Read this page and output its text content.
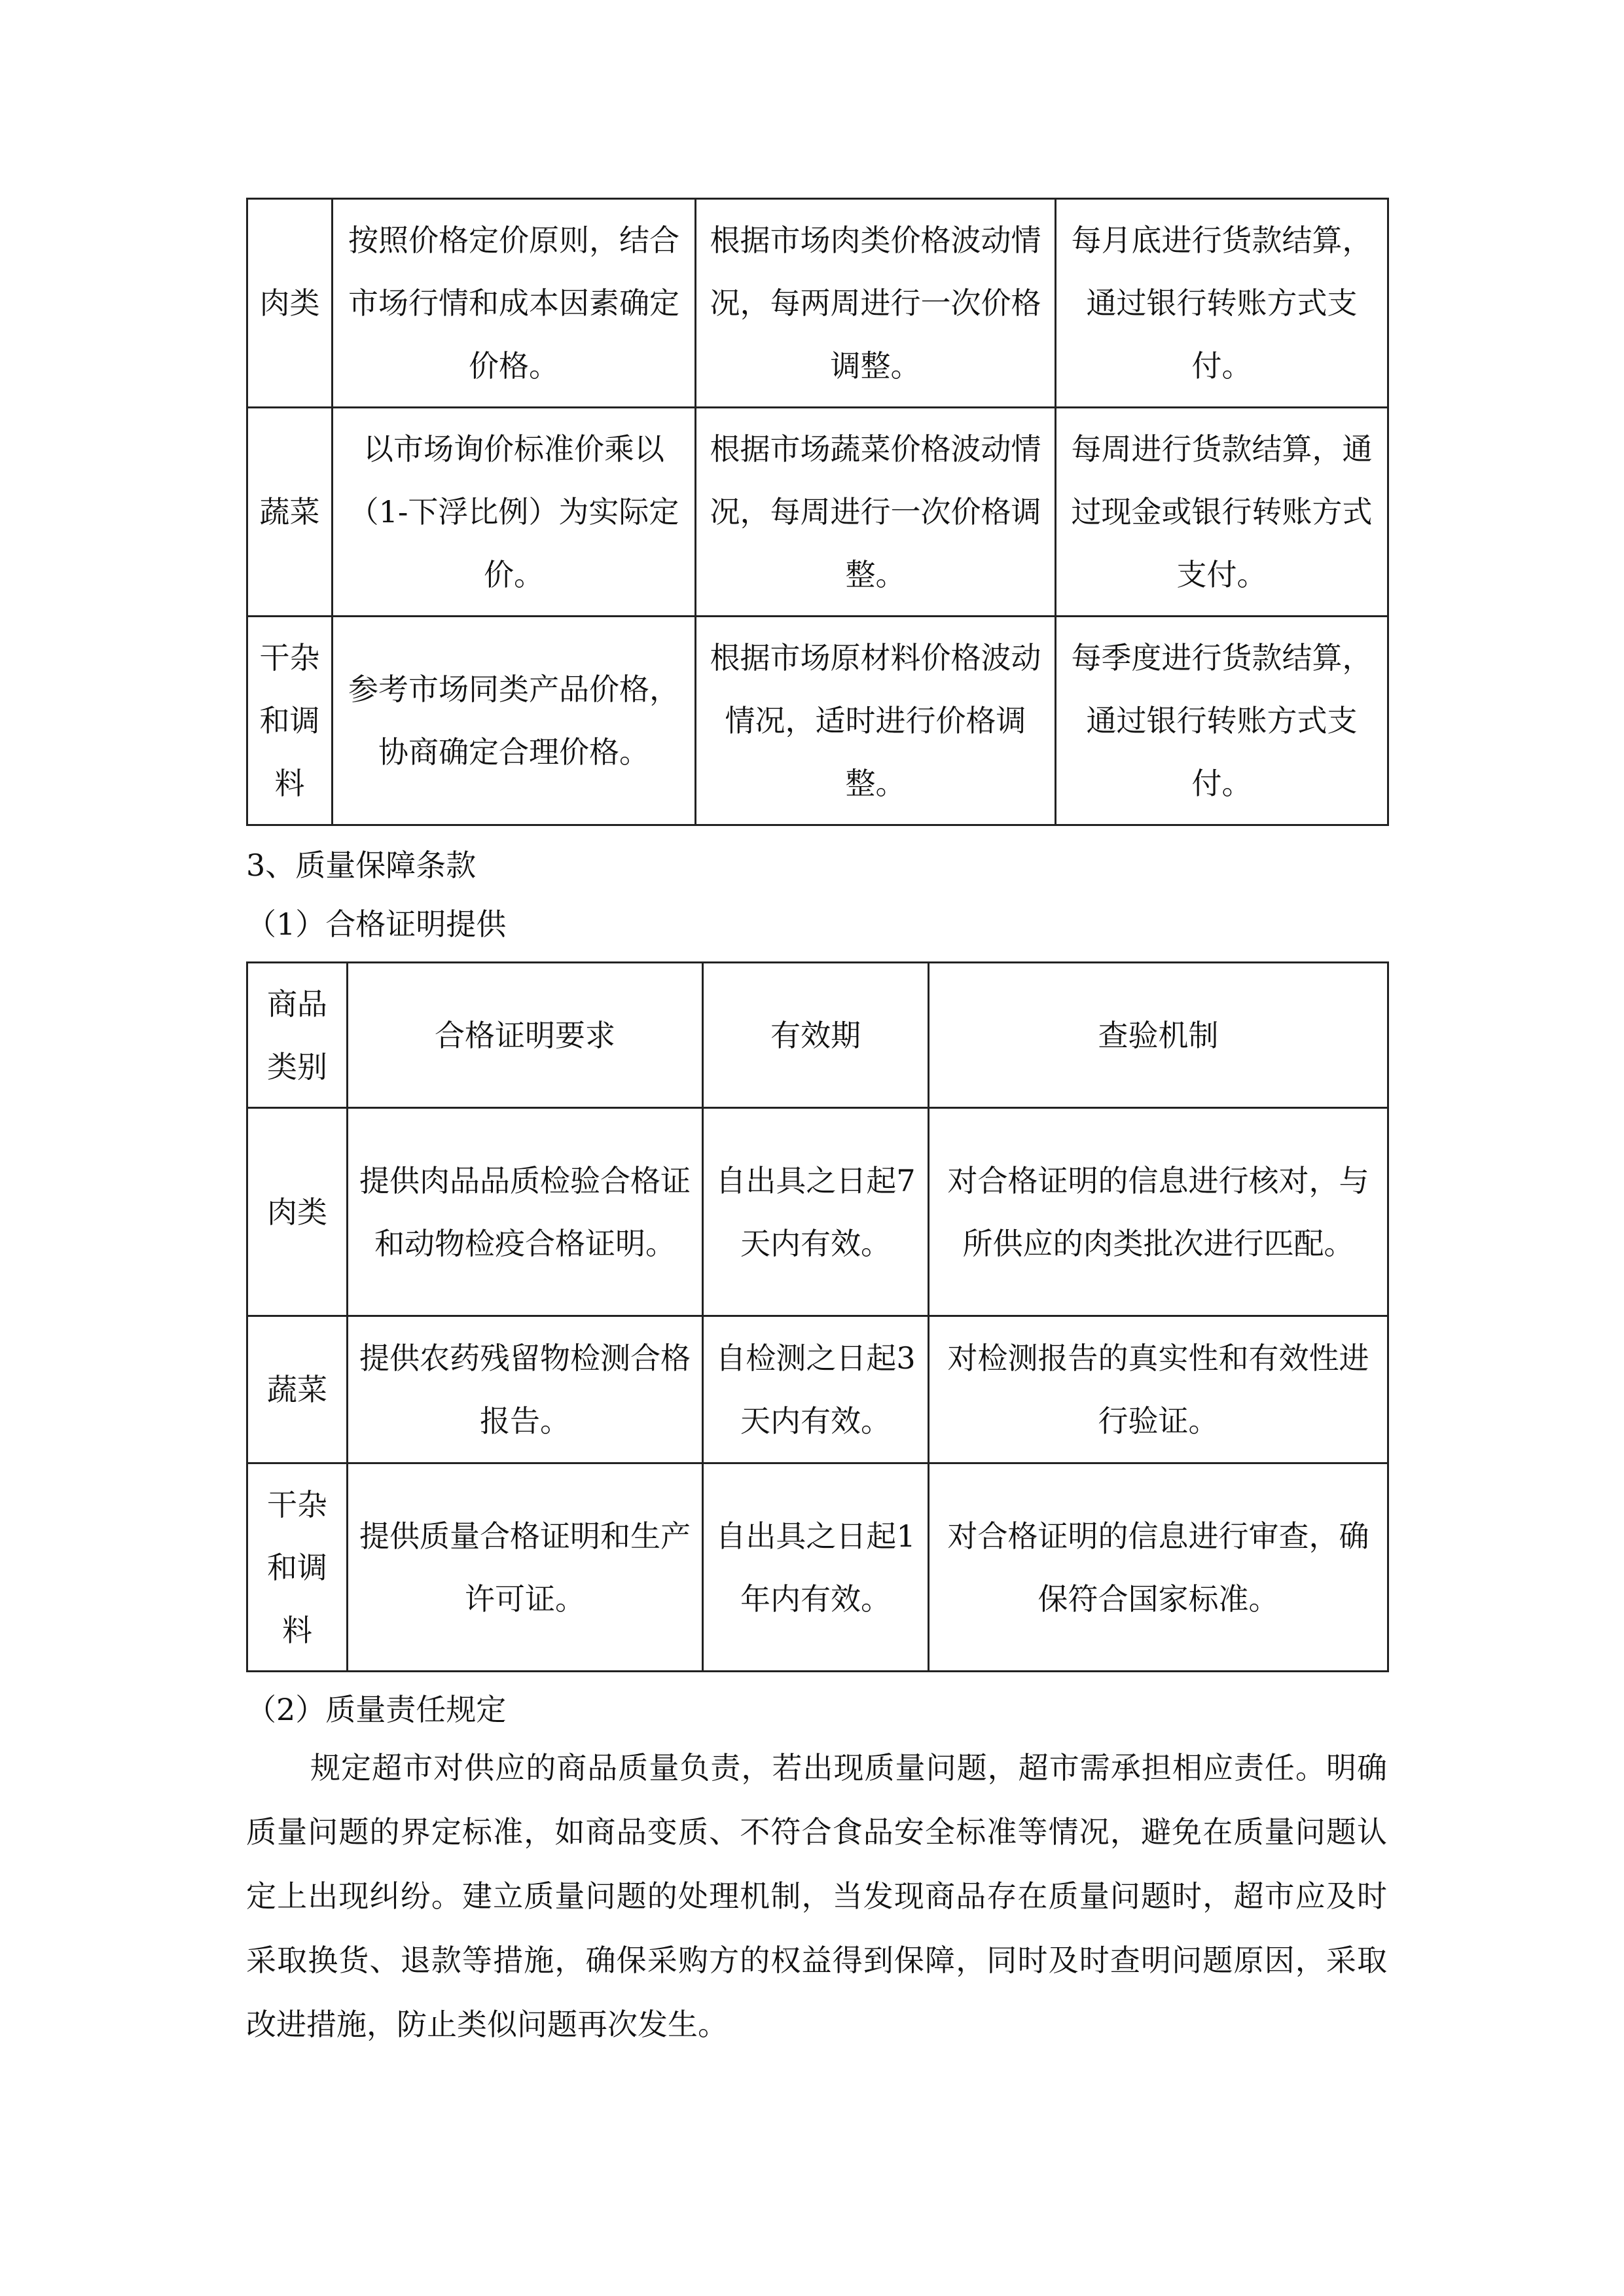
肉类	按照价格定价原则，结合市场行情和成本因素确定价格。	根据市场肉类价格波动情况，每两周进行一次价格调整。	每月底进行货款结算，通过银行转账方式支付。
蔬菜	以市场询价标准价乘以（1-下浮比例）为实际定价。	根据市场蔬菜价格波动情况，每周进行一次价格调整。	每周进行货款结算，通过现金或银行转账方式支付。
干杂和调料	参考市场同类产品价格，协商确定合理价格。	根据市场原材料价格波动情况，适时进行价格调整。	每季度进行货款结算，通过银行转账方式支付。
3、质量保障条款
（1）合格证明提供
商品类别	合格证明要求	有效期	查验机制
肉类	提供肉品品质检验合格证和动物检疫合格证明。	自出具之日起7天内有效。	对合格证明的信息进行核对，与所供应的肉类批次进行匹配。
蔬菜	提供农药残留物检测合格报告。	自检测之日起3天内有效。	对检测报告的真实性和有效性进行验证。
干杂和调料	提供质量合格证明和生产许可证。	自出具之日起1年内有效。	对合格证明的信息进行审查，确保符合国家标准。
（2）质量责任规定

规定超市对供应的商品质量负责，若出现质量问题，超市需承担相应责任。明确质量问题的界定标准，如商品变质、不符合食品安全标准等情况，避免在质量问题认定上出现纠纷。建立质量问题的处理机制，当发现商品存在质量问题时，超市应及时采取换货、退款等措施，确保采购方的权益得到保障，同时及时查明问题原因，采取改进措施，防止类似问题再次发生。
